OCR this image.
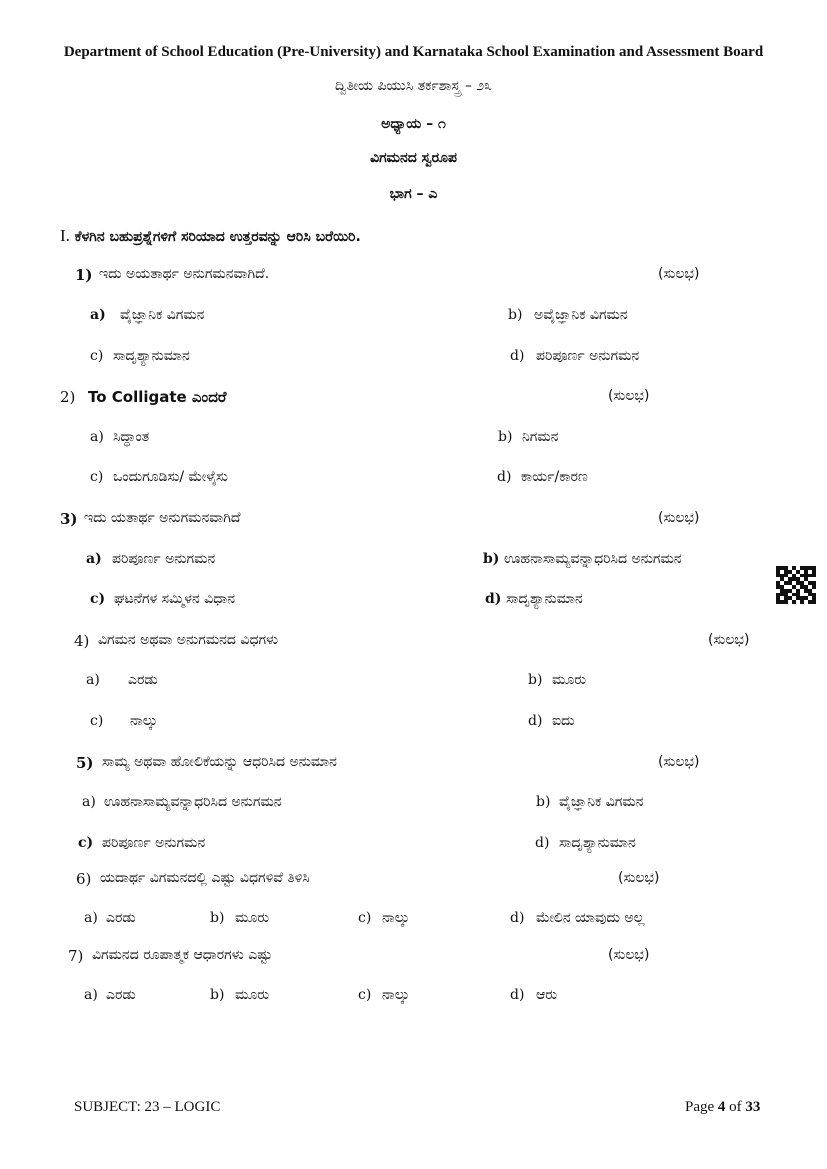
Department of School Education (Pre-University) and Karnataka School Examination and Assessment Board
ದ್ವಿತೀಯ ಪಿಯುಸಿ ತರ್ಕಶಾಸ್ತ್ರ – ೨೩
ಅಧ್ಯಾಯ – ೧
ವಿಗಮನದ ಸ್ವರೂಪ
ಭಾಗ – ಎ
I. ಕೆಳಗಿನ ಬಹುಪ್ರಶ್ನೆಗಳಿಗೆ ಸರಿಯಾದ ಉತ್ತರವನ್ನು ಆರಿಸಿ ಬರೆಯಿರಿ.
1) ಇದು ಅಯತಾರ್ಥ ಅನುಗಮನವಾಗಿದೆ.	(ಸುಲಭ)
a) ವೈಜ್ಞಾನಿಕ ವಿಗಮನ	b) ಅವೈಜ್ಞಾನಿಕ ವಿಗಮನ
c) ಸಾದೃಶ್ಯಾನುಮಾನ	d) ಪರಿಪೂರ್ಣ ಅನುಗಮನ
2) To Colligate ಎಂದರೆ	(ಸುಲಭ)
a) ಸಿದ್ಧಾಂತ	b) ನಿಗಮನ
c) ಒಂದುಗೂಡಿಸು/ ಮೇಳೈಸು	d) ಕಾರ್ಯ/ಕಾರಣ
3) ಇದು ಯತಾರ್ಥ ಅನುಗಮನವಾಗಿದೆ	(ಸುಲಭ)
a) ಪರಿಪೂರ್ಣ ಅನುಗಮನ	b) ಊಹನಾಸಾಮ್ಯವನ್ನಾಧರಿಸಿದ ಅನುಗಮನ
c) ಘಟನೆಗಳ ಸಮ್ಮಿಳನ ವಿಧಾನ	d) ಸಾದೃಶ್ಯಾನುಮಾನ
4) ವಿಗಮನ ಅಥವಾ ಅನುಗಮನದ ವಿಧಗಳು	(ಸುಲಭ)
a) ಎರಡು	b) ಮೂರು
c) ನಾಲ್ಕು	d) ಐದು
5) ಸಾಮ್ಯ ಅಥವಾ ಹೋಲಿಕೆಯನ್ನು ಆಧರಿಸಿದ ಅನುಮಾನ	(ಸುಲಭ)
a) ಊಹನಾಸಾಮ್ಯವನ್ನಾಧರಿಸಿದ ಅನುಗಮನ	b) ವೈಜ್ಞಾನಿಕ ವಿಗಮನ
c) ಪರಿಪೂರ್ಣ ಅನುಗಮನ	d) ಸಾದೃಶ್ಯಾನುಮಾನ
6) ಯದಾರ್ಥ ವಿಗಮನದಲ್ಲಿ ಎಷ್ಟು ವಿಧಗಳಿವೆ ತಿಳಿಸಿ	(ಸುಲಭ)
a) ಎರಡು	b) ಮೂರು	c) ನಾಲ್ಕು	d) ಮೇಲಿನ ಯಾವುದು ಅಲ್ಲ
7) ವಿಗಮನದ ರೂಪಾತ್ಮಕ ಆಧಾರಗಳು ಎಷ್ಟು	(ಸುಲಭ)
a) ಎರಡು	b) ಮೂರು	c) ನಾಲ್ಕು	d) ಆರು
SUBJECT: 23 – LOGIC	Page 4 of 33
